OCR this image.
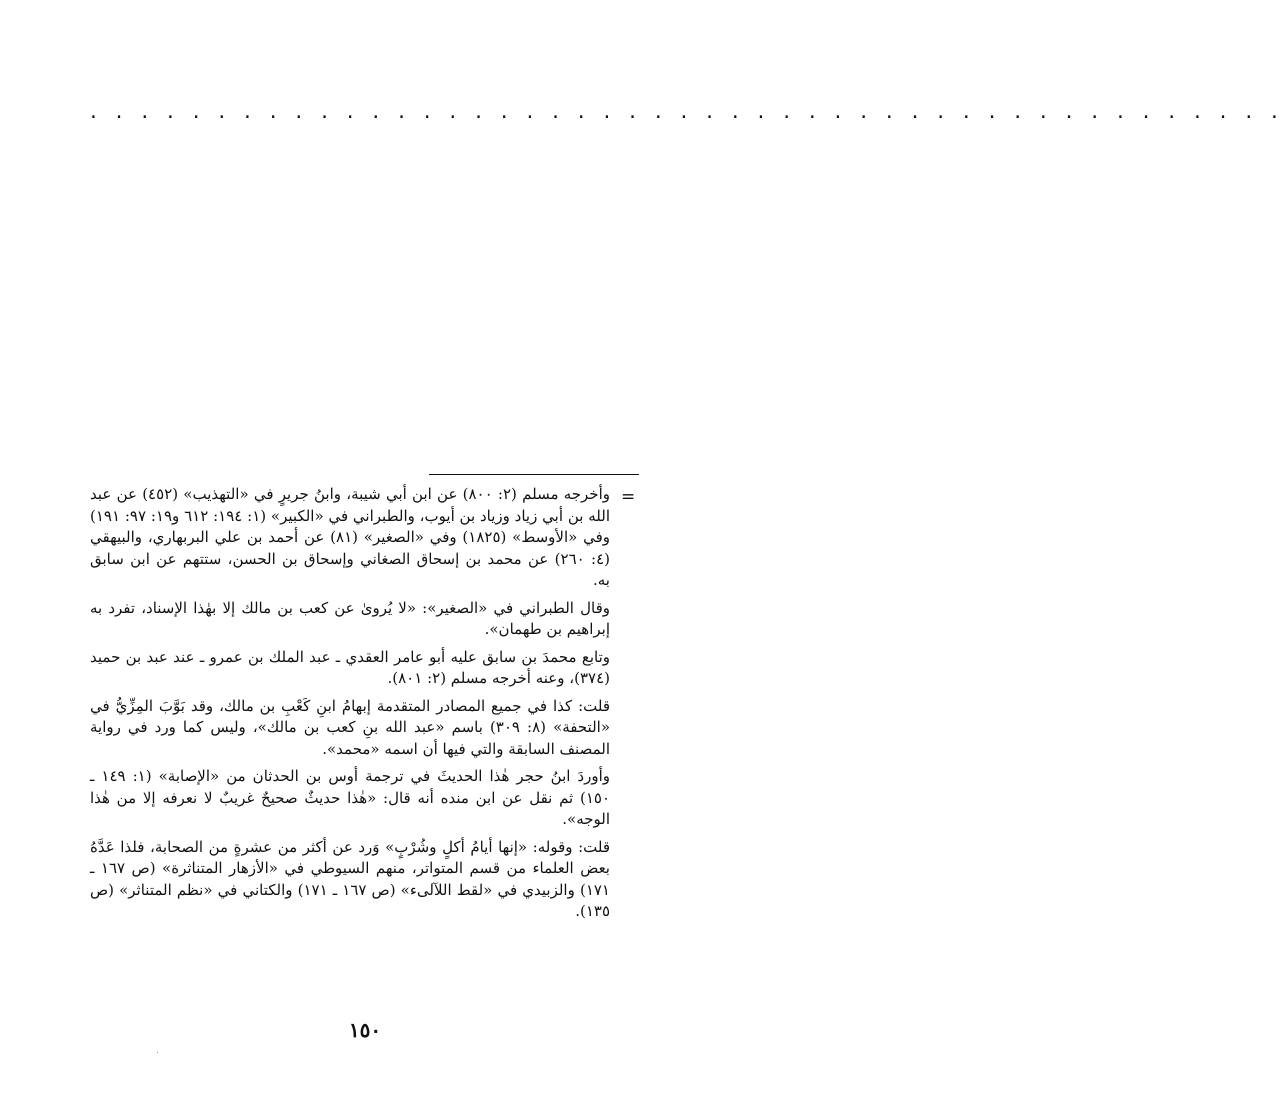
. . . . . . . . . . . . . . . . . . . . . . . . . . . . . . . . . . . . . . . . . . . . . . .
=

وأخرجه مسلم (٢: ٨٠٠) عن ابن أبي شيبة، وابنُ جريرٍ في «التهذيب» (٤٥٢) عن عبد الله بن أبي زياد وزياد بن أيوب، والطبراني في «الكبير» (١: ١٩٤: ٦١٢ و١٩: ٩٧: ١٩١) وفي «الأوسط» (١٨٢٥) وفي «الصغير» (٨١) عن أحمد بن علي البربهاري، والبيهقي (٤: ٢٦٠) عن محمد بن إسحاق الصغاني وإسحاق بن الحسن، ستتهم عن ابن سابق به.

وقال الطبراني في «الصغير»: «لا يُروىٰ عن كعب بن مالك إلا بهٰذا الإسناد، تفرد به إبراهيم بن طهمان».

وتابع محمدَ بن سابق عليه أبو عامر العقدي ـ عبد الملك بن عمرو ـ عند عبد بن حميد (٣٧٤)، وعنه أخرجه مسلم (٢: ٨٠١).

قلت: كذا في جميع المصادر المتقدمة إبهامُ ابنِ كَعْبِ بن مالك، وقد بَوَّبَ المِزِّيُّ في «التحفة» (٨: ٣٠٩) باسم «عبد الله بنِ كعب بن مالك»، وليس كما ورد في رواية المصنف السابقة والتي فيها أن اسمه «محمد».

وأوردَ ابنُ حجر هٰذا الحديثَ في ترجمة أوس بن الحدثان من «الإصابة» (١: ١٤٩ ـ ١٥٠) ثم نقل عن ابن منده أنه قال: «هٰذا حديثٌ صحيحٌ غريبٌ لا نعرفه إلا من هٰذا الوجه».

قلت: وقوله: «إنها أيامُ أكلٍ وشُرْبٍ» وَرد عن أكثر من عشرةٍ من الصحابة، فلذا عَدَّهُ بعض العلماء من قسم المتواتر، منهم السيوطي في «الأزهار المتناثرة» (ص ١٦٧ ـ ١٧١) والزبيدي في «لقط اللآلىء» (ص ١٦٧ ـ ١٧١) والكتاني في «نظم المتناثر» (ص ١٣٥).

١٥٠
